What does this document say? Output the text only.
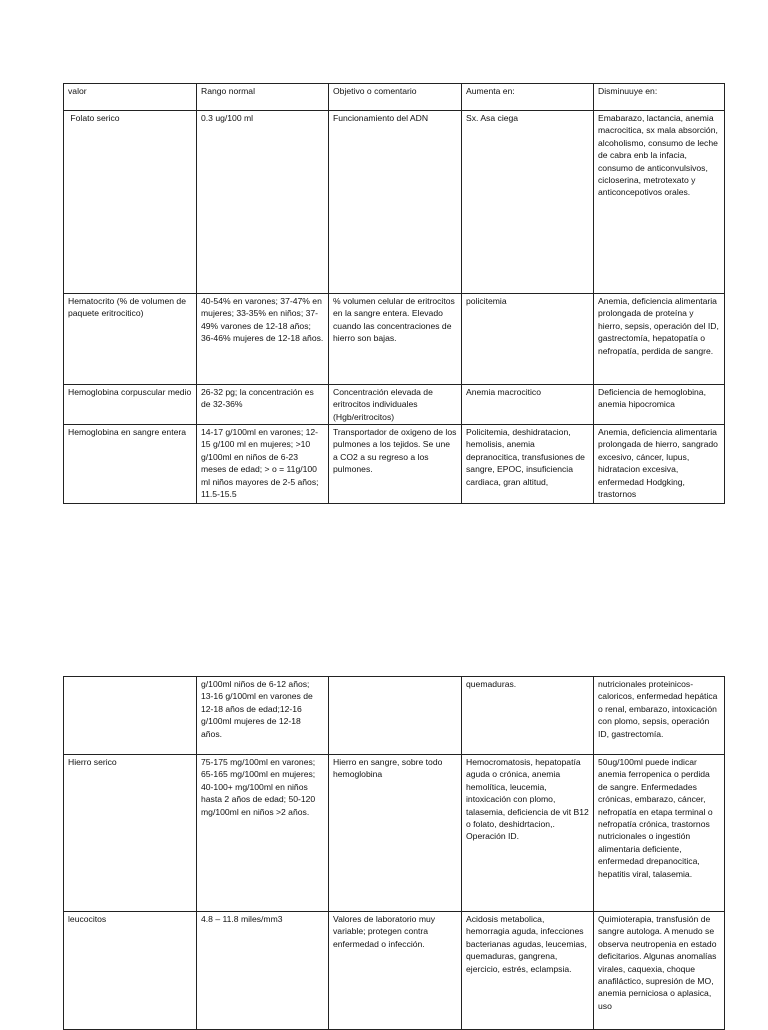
valor	Rango normal	Objetivo o comentario	Aumenta en:	Disminuuye en:
Folato serico	0.3 ug/100 ml	Funcionamiento del ADN	Sx. Asa ciega	Emabarazo, lactancia, anemia macrocitica, sx mala absorción, alcoholismo, consumo de leche de cabra enb la infacia, consumo de anticonvulsivos, cicloserina, metrotexato y anticoncepotivos orales.
Hematocrito (% de volumen de paquete eritrocitico)	40-54% en varones; 37-47% en mujeres; 33-35% en niños; 37-49% varones de 12-18 años; 36-46% mujeres de 12-18 años.	% volumen celular de eritrocitos en la sangre entera. Elevado cuando las concentraciones de hierro son bajas.	policitemia	Anemia, deficiencia alimentaria prolongada de proteína y hierro, sepsis, operación del ID, gastrectomía, hepatopatía o nefropatía, perdida de sangre.
Hemoglobina corpuscular medio	26-32 pg; la concentración es de 32-36%	Concentración elevada de eritrocitos individuales (Hgb/eritrocitos)	Anemia macrocitico	Deficiencia de hemoglobina, anemia hipocromica

Hemoglobina en sangre entera	14-17 g/100ml en varones; 12-15 g/100 ml en mujeres; >10 g/100ml en niños de 6-23 meses de edad; > o = 11g/100 ml niños mayores de 2-5 años; 11.5-15.5	Transportador de oxigeno de los pulmones a los tejidos. Se une a CO2 a su regreso a los pulmones.	Policitemia, deshidratacion, hemolisis, anemia depranocitica, transfusiones de sangre, EPOC, insuficiencia cardiaca, gran altitud,	Anemia, deficiencia alimentaria prolongada de hierro, sangrado excesivo, cáncer, lupus, hidratacion excesiva, enfermedad Hodgking, trastornos
	g/100ml niños de 6-12 años; 13-16 g/100ml en varones de 12-18 años de edad;12-16 g/100ml mujeres de 12-18 años.		quemaduras.	nutricionales proteinicos-caloricos, enfermedad hepática o renal, embarazo, intoxicación con plomo, sepsis, operación ID, gastrectomía.
Hierro serico	75-175 mg/100ml en varones; 65-165 mg/100ml en mujeres; 40-100+ mg/100ml en niños hasta 2 años de edad; 50-120 mg/100ml en niños >2 años.	Hierro en sangre, sobre todo hemoglobina	Hemocromatosis, hepatopatía aguda o crónica, anemia hemolítica, leucemia, intoxicación con plomo, talasemia, deficiencia de vit B12 o folato, deshidrtacion,. Operación ID.	50ug/100ml puede indicar anemia ferropenica o perdida de sangre. Enfermedades crónicas, embarazo, cáncer, nefropatía en etapa terminal o nefropatía crónica, trastornos nutricionales o ingestión alimentaria deficiente, enfermedad drepanocitica, hepatitis viral, talasemia.

leucocitos	4.8 – 11.8 miles/mm3	Valores de laboratorio muy variable; protegen contra enfermedad o infección.	Acidosis metabolica, hemorragia aguda, infecciones bacterianas agudas, leucemias, quemaduras, gangrena, ejercicio, estrés, eclampsia.	Quimioterapia, transfusión de sangre autologa. A menudo se observa neutropenia en estado deficitarios. Algunas anomalías virales, caquexia, choque anafiláctico, supresión de MO, anemia perniciosa o aplasica, uso
